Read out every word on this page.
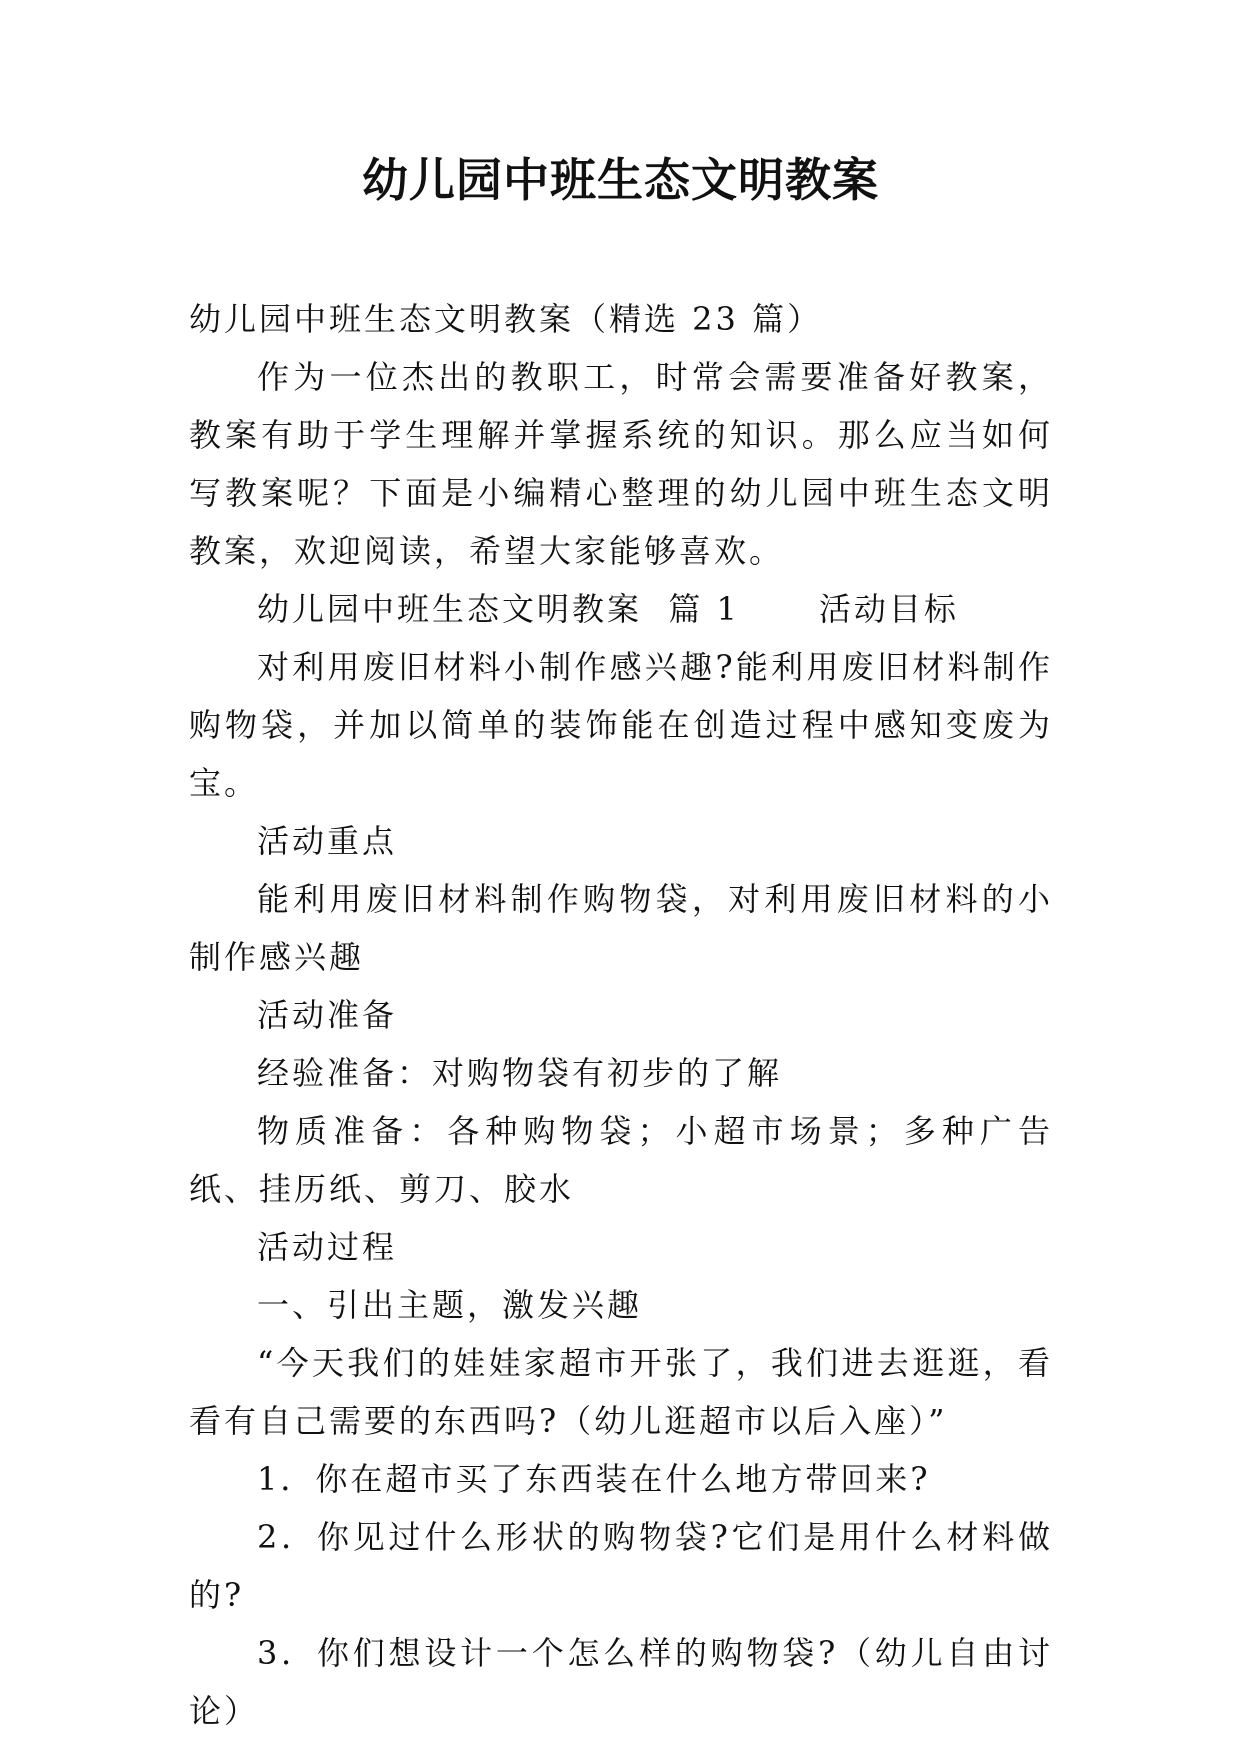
幼儿园中班生态文明教案

幼儿园中班生态文明教案（精选 23 篇）

作为一位杰出的教职工，时常会需要准备好教案，教案有助于学生理解并掌握系统的知识。那么应当如何写教案呢？下面是小编精心整理的幼儿园中班生态文明教案，欢迎阅读，希望大家能够喜欢。

幼儿园中班生态文明教案  篇 1      活动目标

对利用废旧材料小制作感兴趣?能利用废旧材料制作购物袋，并加以简单的装饰能在创造过程中感知变废为宝。

活动重点

能利用废旧材料制作购物袋，对利用废旧材料的小制作感兴趣

活动准备

经验准备：对购物袋有初步的了解

物质准备：各种购物袋；小超市场景；多种广告纸、挂历纸、剪刀、胶水

活动过程

一、引出主题，激发兴趣

“今天我们的娃娃家超市开张了，我们进去逛逛，看看有自己需要的东西吗?（幼儿逛超市以后入座）”

1．你在超市买了东西装在什么地方带回来?

2．你见过什么形状的购物袋?它们是用什么材料做的?

3．你们想设计一个怎么样的购物袋?（幼儿自由讨论）
